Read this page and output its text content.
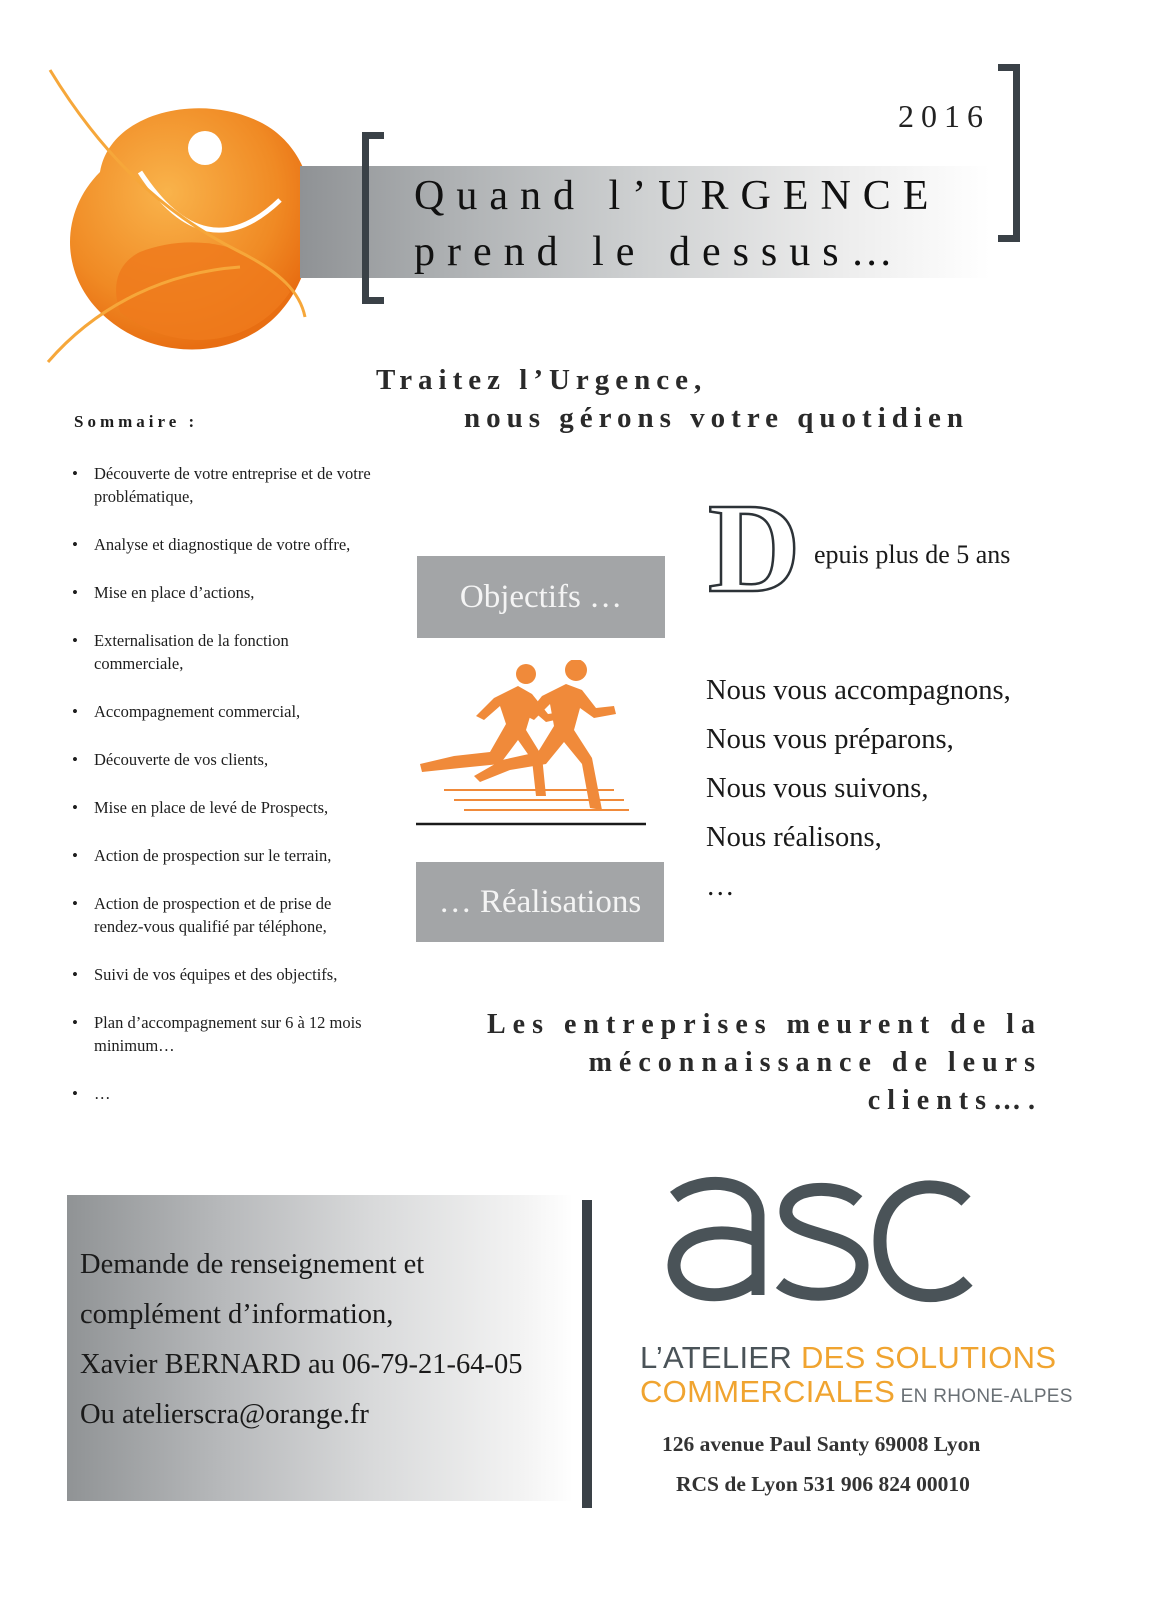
2016
Quand l’URGENCE
prend le dessus…
Traitez l’Urgence,
nous gérons votre quotidien
Sommaire :
• Découverte de votre entreprise et de votre problématique,
• Analyse et diagnostique de votre offre,
• Mise en place d’actions,
• Externalisation de la fonction commerciale,
• Accompagnement commercial,
• Découverte de vos clients,
• Mise en place de levé de Prospects,
• Action de prospection sur le terrain,
• Action de prospection et de prise de rendez-vous qualifié par téléphone,
• Suivi de vos équipes et des objectifs,
• Plan d’accompagnement sur 6 à 12 mois minimum…
• …
Objectifs …
… Réalisations
D epuis plus de 5 ans
Nous vous accompagnons,
Nous vous préparons,
Nous vous suivons,
Nous réalisons,
…
Les entreprises meurent de la
méconnaissance de leurs
clients….
Demande de renseignement et
complément d’information,
Xavier BERNARD au 06-79-21-64-05
Ou atelierscra@orange.fr
L’ATELIER DES SOLUTIONS
COMMERCIALES EN RHONE-ALPES
126 avenue Paul Santy 69008 Lyon
RCS de Lyon 531 906 824 00010
